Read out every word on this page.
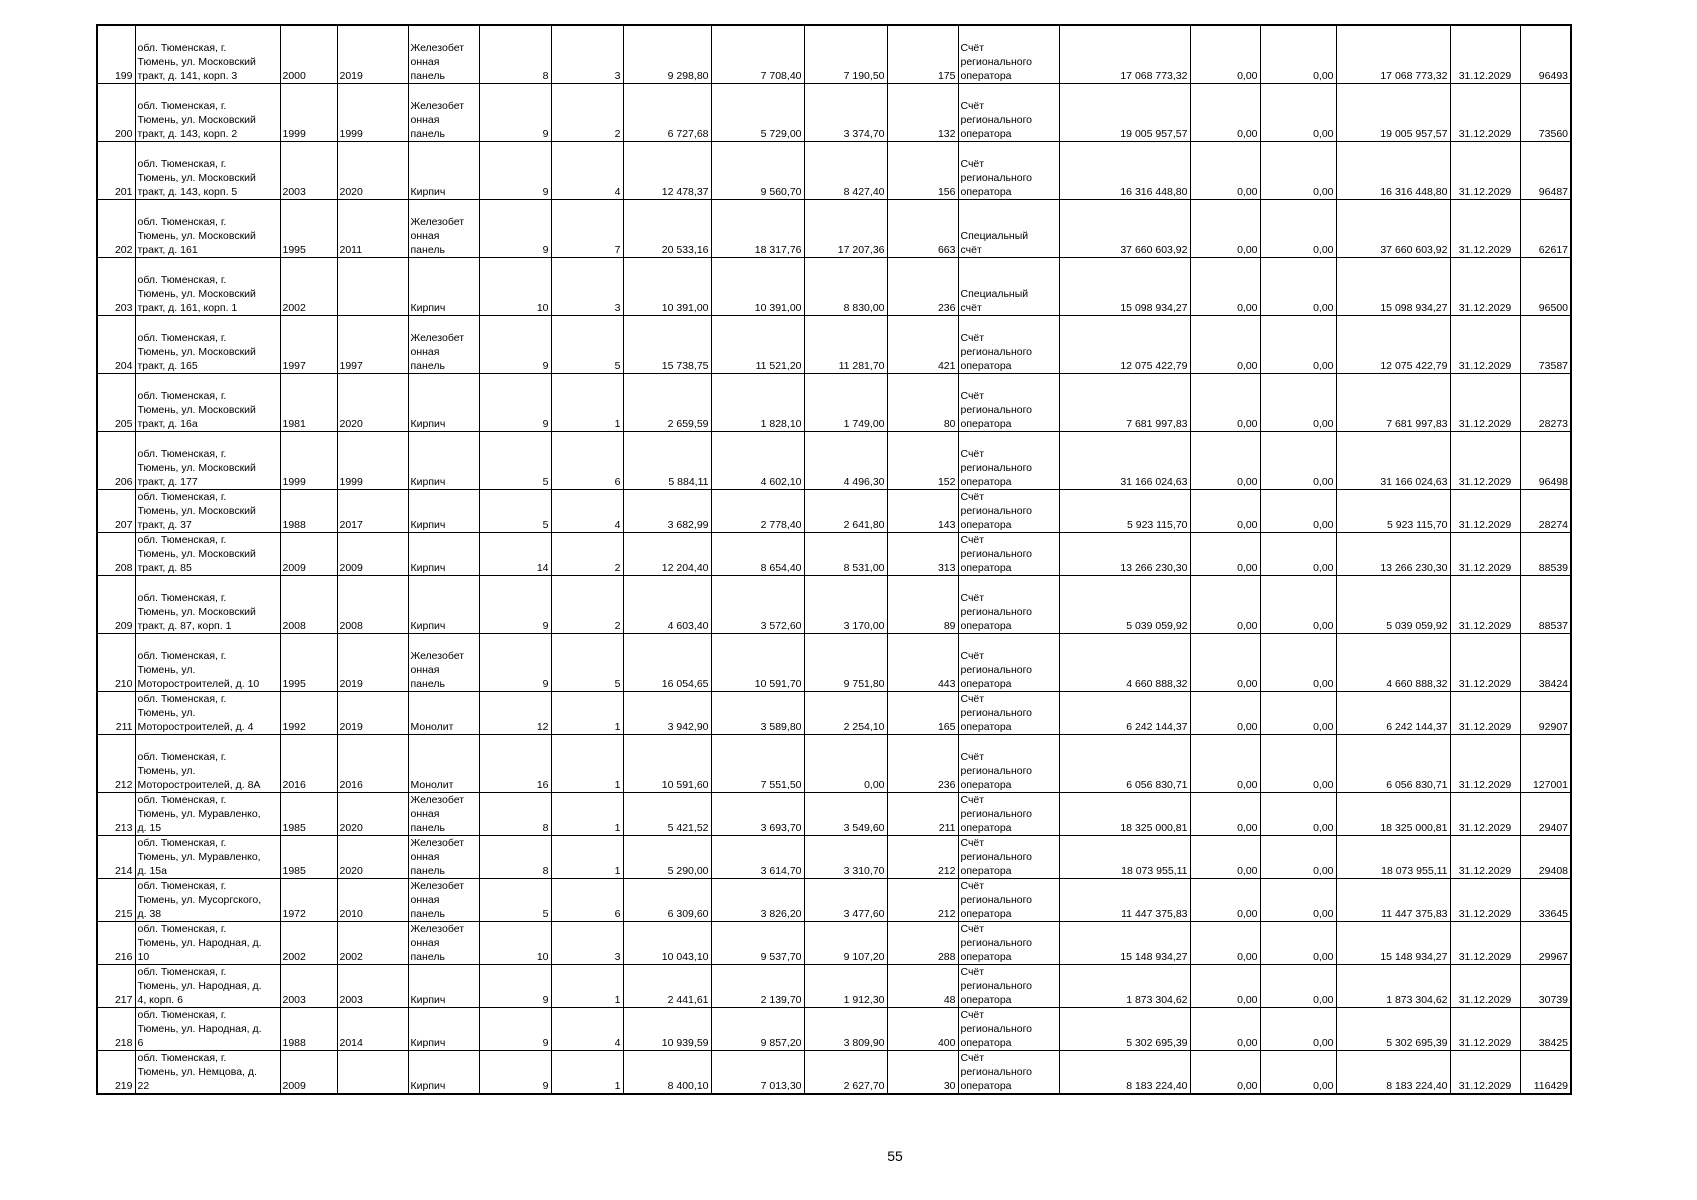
199	обл. Тюменская, г.
Тюмень, ул. Московский
тракт, д. 141, корп. 3	2000	2019	Железобет
онная
панель	8	3	9 298,80	7 708,40	7 190,50	175	Счёт
регионального
оператора	17 068 773,32	0,00	0,00	17 068 773,32	31.12.2029	96493
200	обл. Тюменская, г.
Тюмень, ул. Московский
тракт, д. 143, корп. 2	1999	1999	Железобет
онная
панель	9	2	6 727,68	5 729,00	3 374,70	132	Счёт
регионального
оператора	19 005 957,57	0,00	0,00	19 005 957,57	31.12.2029	73560
201	обл. Тюменская, г.
Тюмень, ул. Московский
тракт, д. 143, корп. 5	2003	2020	Кирпич	9	4	12 478,37	9 560,70	8 427,40	156	Счёт
регионального
оператора	16 316 448,80	0,00	0,00	16 316 448,80	31.12.2029	96487
202	обл. Тюменская, г.
Тюмень, ул. Московский
тракт, д. 161	1995	2011	Железобет
онная
панель	9	7	20 533,16	18 317,76	17 207,36	663	Специальный
счёт	37 660 603,92	0,00	0,00	37 660 603,92	31.12.2029	62617
203	обл. Тюменская, г.
Тюмень, ул. Московский
тракт, д. 161, корп. 1	2002		Кирпич	10	3	10 391,00	10 391,00	8 830,00	236	Специальный
счёт	15 098 934,27	0,00	0,00	15 098 934,27	31.12.2029	96500
204	обл. Тюменская, г.
Тюмень, ул. Московский
тракт, д. 165	1997	1997	Железобет
онная
панель	9	5	15 738,75	11 521,20	11 281,70	421	Счёт
регионального
оператора	12 075 422,79	0,00	0,00	12 075 422,79	31.12.2029	73587
205	обл. Тюменская, г.
Тюмень, ул. Московский
тракт, д. 16а	1981	2020	Кирпич	9	1	2 659,59	1 828,10	1 749,00	80	Счёт
регионального
оператора	7 681 997,83	0,00	0,00	7 681 997,83	31.12.2029	28273
206	обл. Тюменская, г.
Тюмень, ул. Московский
тракт, д. 177	1999	1999	Кирпич	5	6	5 884,11	4 602,10	4 496,30	152	Счёт
регионального
оператора	31 166 024,63	0,00	0,00	31 166 024,63	31.12.2029	96498
207	обл. Тюменская, г.
Тюмень, ул. Московский
тракт, д. 37	1988	2017	Кирпич	5	4	3 682,99	2 778,40	2 641,80	143	Счёт
регионального
оператора	5 923 115,70	0,00	0,00	5 923 115,70	31.12.2029	28274
208	обл. Тюменская, г.
Тюмень, ул. Московский
тракт, д. 85	2009	2009	Кирпич	14	2	12 204,40	8 654,40	8 531,00	313	Счёт
регионального
оператора	13 266 230,30	0,00	0,00	13 266 230,30	31.12.2029	88539
209	обл. Тюменская, г.
Тюмень, ул. Московский
тракт, д. 87, корп. 1	2008	2008	Кирпич	9	2	4 603,40	3 572,60	3 170,00	89	Счёт
регионального
оператора	5 039 059,92	0,00	0,00	5 039 059,92	31.12.2029	88537
210	обл. Тюменская, г.
Тюмень, ул.
Моторостроителей, д. 10	1995	2019	Железобет
онная
панель	9	5	16 054,65	10 591,70	9 751,80	443	Счёт
регионального
оператора	4 660 888,32	0,00	0,00	4 660 888,32	31.12.2029	38424
211	обл. Тюменская, г.
Тюмень, ул.
Моторостроителей, д. 4	1992	2019	Монолит	12	1	3 942,90	3 589,80	2 254,10	165	Счёт
регионального
оператора	6 242 144,37	0,00	0,00	6 242 144,37	31.12.2029	92907
212	обл. Тюменская, г.
Тюмень, ул.
Моторостроителей, д. 8А	2016	2016	Монолит	16	1	10 591,60	7 551,50	0,00	236	Счёт
регионального
оператора	6 056 830,71	0,00	0,00	6 056 830,71	31.12.2029	127001
213	обл. Тюменская, г.
Тюмень, ул. Муравленко,
д. 15	1985	2020	Железобет
онная
панель	8	1	5 421,52	3 693,70	3 549,60	211	Счёт
регионального
оператора	18 325 000,81	0,00	0,00	18 325 000,81	31.12.2029	29407
214	обл. Тюменская, г.
Тюмень, ул. Муравленко,
д. 15а	1985	2020	Железобет
онная
панель	8	1	5 290,00	3 614,70	3 310,70	212	Счёт
регионального
оператора	18 073 955,11	0,00	0,00	18 073 955,11	31.12.2029	29408
215	обл. Тюменская, г.
Тюмень, ул. Мусоргского,
д. 38	1972	2010	Железобет
онная
панель	5	6	6 309,60	3 826,20	3 477,60	212	Счёт
регионального
оператора	11 447 375,83	0,00	0,00	11 447 375,83	31.12.2029	33645
216	обл. Тюменская, г.
Тюмень, ул. Народная, д.
10	2002	2002	Железобет
онная
панель	10	3	10 043,10	9 537,70	9 107,20	288	Счёт
регионального
оператора	15 148 934,27	0,00	0,00	15 148 934,27	31.12.2029	29967
217	обл. Тюменская, г.
Тюмень, ул. Народная, д.
4, корп. 6	2003	2003	Кирпич	9	1	2 441,61	2 139,70	1 912,30	48	Счёт
регионального
оператора	1 873 304,62	0,00	0,00	1 873 304,62	31.12.2029	30739
218	обл. Тюменская, г.
Тюмень, ул. Народная, д.
6	1988	2014	Кирпич	9	4	10 939,59	9 857,20	3 809,90	400	Счёт
регионального
оператора	5 302 695,39	0,00	0,00	5 302 695,39	31.12.2029	38425
219	обл. Тюменская, г.
Тюмень, ул. Немцова, д.
22	2009		Кирпич	9	1	8 400,10	7 013,30	2 627,70	30	Счёт
регионального
оператора	8 183 224,40	0,00	0,00	8 183 224,40	31.12.2029	116429
55
